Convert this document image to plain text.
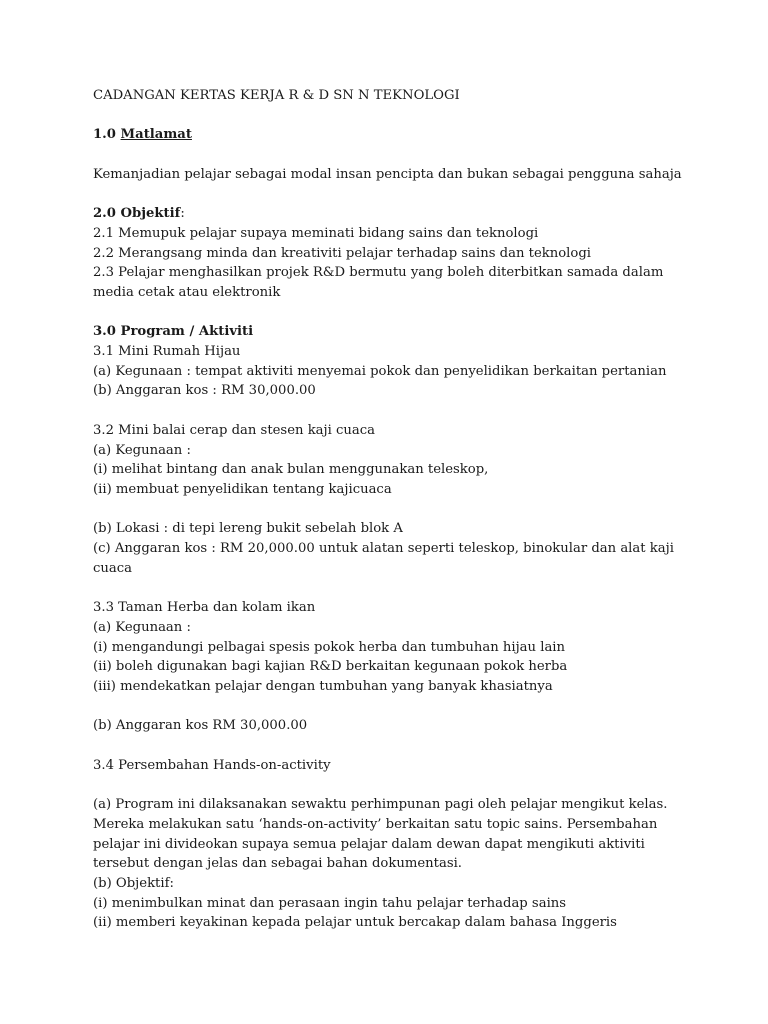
CADANGAN KERTAS KERJA R & D SN N TEKNOLOGI
1.0 Matlamat
Kemanjadian pelajar sebagai modal insan pencipta dan bukan sebagai pengguna sahaja
2.0 Objektif:
2.1 Memupuk pelajar supaya meminati bidang sains dan teknologi
2.2 Merangsang minda dan kreativiti pelajar terhadap sains dan teknologi
2.3 Pelajar menghasilkan projek R&D bermutu yang boleh diterbitkan samada dalam
media cetak atau elektronik
3.0 Program / Aktiviti
3.1 Mini Rumah Hijau
(a) Kegunaan : tempat aktiviti menyemai pokok dan penyelidikan berkaitan pertanian
(b) Anggaran kos : RM 30,000.00
3.2 Mini balai cerap dan stesen kaji cuaca
(a) Kegunaan :
(i) melihat bintang dan anak bulan menggunakan teleskop,
(ii) membuat penyelidikan tentang kajicuaca
(b) Lokasi : di tepi lereng bukit sebelah blok A
(c) Anggaran kos : RM 20,000.00 untuk alatan seperti teleskop, binokular dan alat kaji
cuaca
3.3 Taman Herba dan kolam ikan
(a) Kegunaan :
(i) mengandungi pelbagai spesis pokok herba dan tumbuhan hijau lain
(ii) boleh digunakan bagi kajian R&D berkaitan kegunaan pokok herba
(iii) mendekatkan pelajar dengan tumbuhan yang banyak khasiatnya
(b) Anggaran kos RM 30,000.00
3.4 Persembahan Hands-on-activity
(a) Program ini dilaksanakan sewaktu perhimpunan pagi oleh pelajar mengikut kelas.
Mereka melakukan satu ‘hands-on-activity’ berkaitan satu topic sains. Persembahan
pelajar ini divideokan supaya semua pelajar dalam dewan dapat mengikuti aktiviti
tersebut dengan jelas dan sebagai bahan dokumentasi.
(b) Objektif:
(i) menimbulkan minat dan perasaan ingin tahu pelajar terhadap sains
(ii) memberi keyakinan kepada pelajar untuk bercakap dalam bahasa Inggeris
